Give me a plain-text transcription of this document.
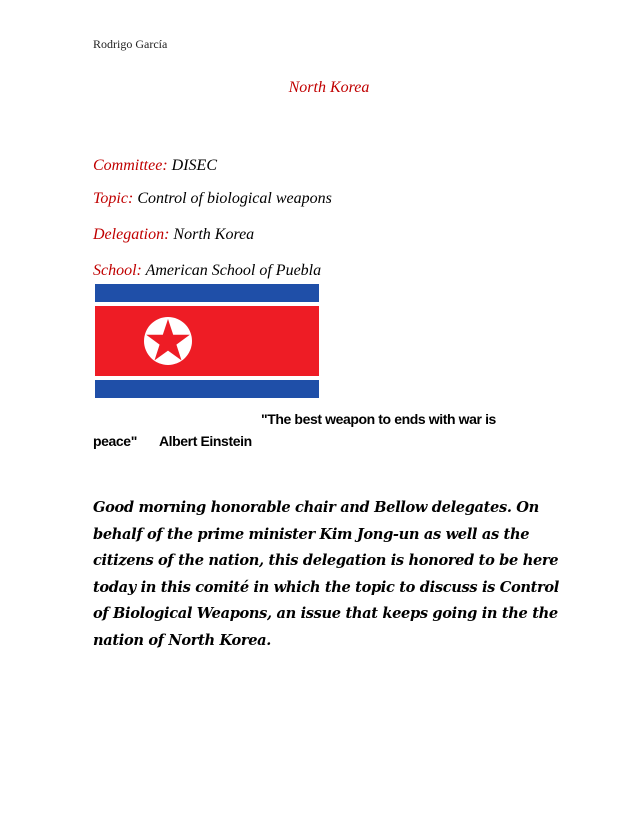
Rodrigo García
North Korea
Committee: DISEC
Topic: Control of biological weapons
Delegation: North Korea
School: American School of Puebla
"The best weapon to ends with war is
peace" Albert Einstein
Good morning honorable chair and Bellow delegates. On behalf of the prime minister Kim Jong-un as well as the citizens of the nation, this delegation is honored to be here today in this comité in which the topic to discuss is Control of Biological Weapons, an issue that keeps going in the the nation of North Korea.
